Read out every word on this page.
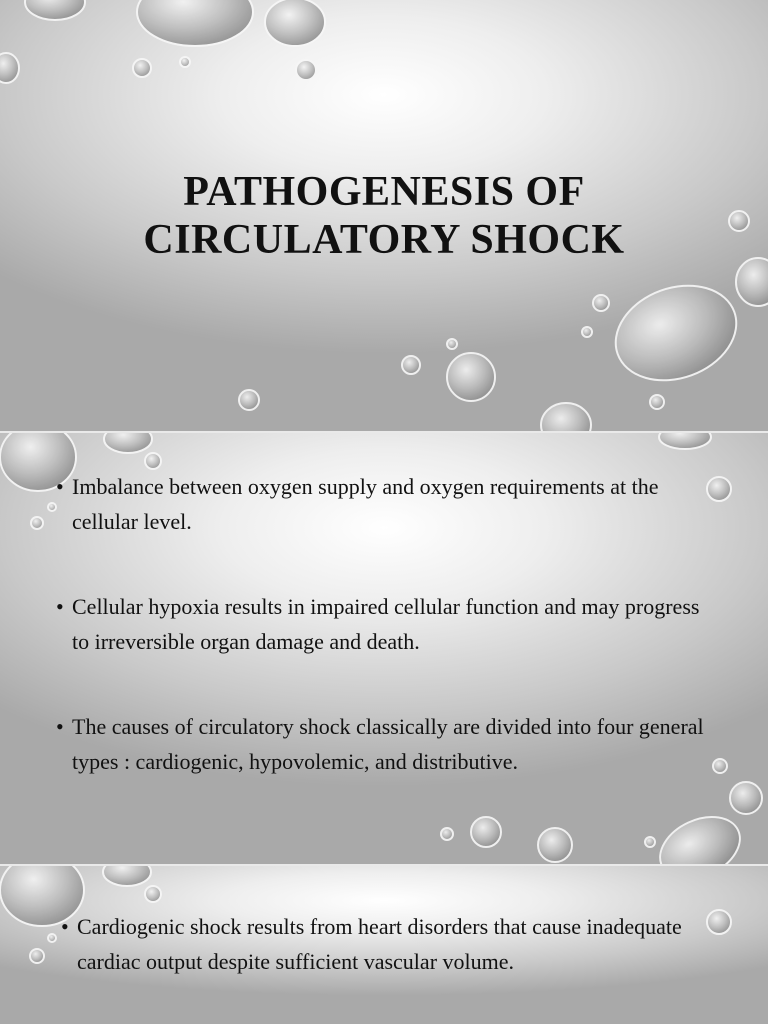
PATHOGENESIS OF
CIRCULATORY SHOCK
• Imbalance between oxygen supply and oxygen requirements at the cellular level.
• Cellular hypoxia results in impaired cellular function and may progress to irreversible organ damage and death.
• The causes of circulatory shock classically are divided into four general types : cardiogenic, hypovolemic, and distributive.
• Cardiogenic shock results from heart disorders that cause inadequate cardiac output despite sufficient vascular volume.
